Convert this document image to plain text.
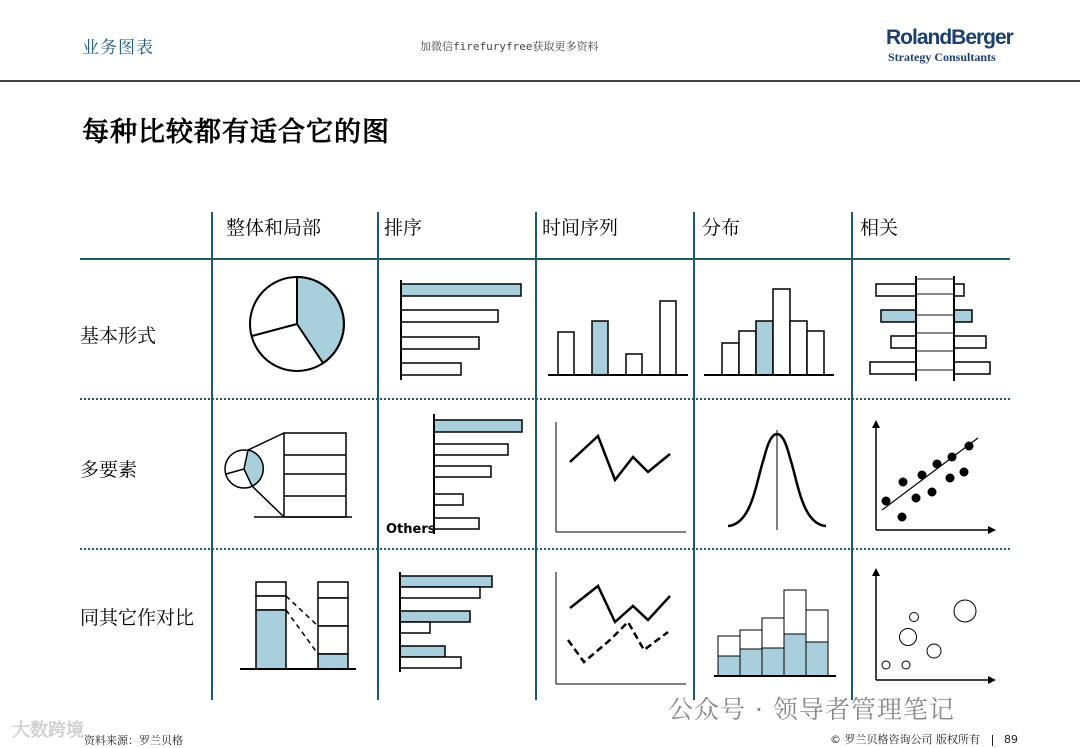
业务图表	加微信firefuryfree获取更多资料	RolandBerger
Strategy Consultants
每种比较都有适合它的图
整体和局部	排序	时间序列	分布	相关
基本形式
多要素
同其它作对比
Others
资料来源：罗兰贝格	© 罗兰贝格咨询公司 版权所有 89
大数跨境
公众号 · 领导者管理笔记
